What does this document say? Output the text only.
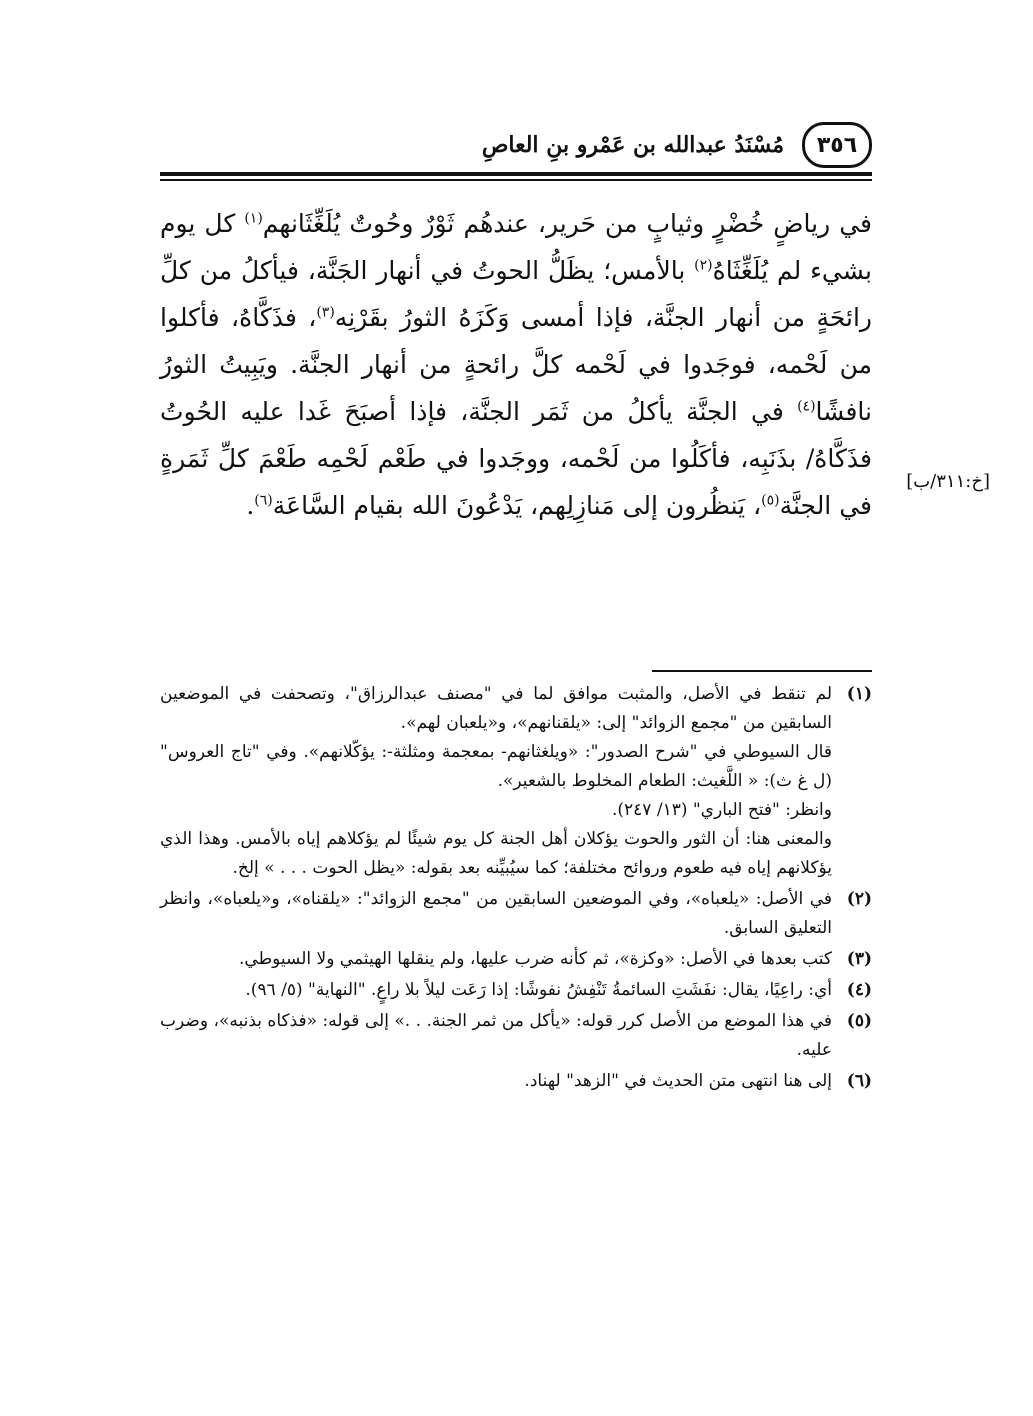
٣٥٦
مُسْنَدُ عبدالله بن عَمْرو بنِ العاصِ

في رياضٍ خُضْرٍ وثيابٍ من حَرير، عندهُم ثَوْرٌ وحُوتٌ يُلَغِّثَانهم$^{(١)}$ كل يوم بشيء لم يُلَغِّثَاهُ$^{(٢)}$ بالأمس؛ يظَلُّ الحوتُ في أنهار الجَنَّة، فيأكلُ من كلِّ رائحَةٍ من أنهار الجنَّة، فإذا أمسى وَكَزَهُ الثورُ بقَرْنِه$^{(٣)}$، فذَكَّاهُ، فأكلوا من لَحْمه، فوجَدوا في لَحْمه كلَّ رائحةٍ من أنهار الجنَّة. ويَبِيتُ الثورُ نافشًا$^{(٤)}$ في الجنَّة يأكلُ من ثَمَر الجنَّة، فإذا أصبَحَ غَدا عليه الحُوتُ فذَكَّاهُ/ بذَنَبِه، فأكَلُوا من لَحْمه، ووجَدوا في طَعْم لَحْمِه طَعْمَ كلِّ ثَمَرةٍ في الجنَّة$^{(٥)}$، يَنظُرون إلى مَنازِلِهم، يَدْعُونَ الله بقيام السَّاعَة$^{(٦)}$.

[خ:٣١١/ب]
(١)

لم تنقط في الأصل، والمثبت موافق لما في "مصنف عبدالرزاق"، وتصحفت في الموضعين السابقين من "مجمع الزوائد" إلى: «يلقنانهم»، و«يلعبان لهم».

قال السيوطي في "شرح الصدور": «ويلغثانهم- بمعجمة ومثلثة-: يؤكّلانهم». وفي "تاج العروس" (ل غ ث): « اللَّغيث: الطعام المخلوط بالشعير».

وانظر: "فتح الباري" (١٣/ ٢٤٧).

والمعنى هنا: أن الثور والحوت يؤكلان أهل الجنة كل يوم شيئًا لم يؤكلاهم إياه بالأمس. وهذا الذي يؤكلانهم إياه فيه طعوم وروائح مختلفة؛ كما سيُبيِّنه بعد بقوله: «يظل الحوت . . . » إلخ.

(٢)

في الأصل: «يلعباه»، وفي الموضعين السابقين من "مجمع الزوائد": «يلقناه»، و«يلعباه»، وانظر التعليق السابق.

(٣)

كتب بعدها في الأصل: «وكزة»، ثم كأنه ضرب عليها، ولم ينقلها الهيثمي ولا السيوطي.

(٤)

أي: راعِيًا، يقال: نفَشَتِ السائمةُ تَنْفِشُ نفوشًا: إذا رَعَت ليلاً بلا راعٍ. "النهاية" (٥/ ٩٦).

(٥)

في هذا الموضع من الأصل كرر قوله: «يأكل من ثمر الجنة. . .» إلى قوله: «فذكاه بذنبه»، وضرب عليه.

(٦)

إلى هنا انتهى متن الحديث في "الزهد" لهناد.
